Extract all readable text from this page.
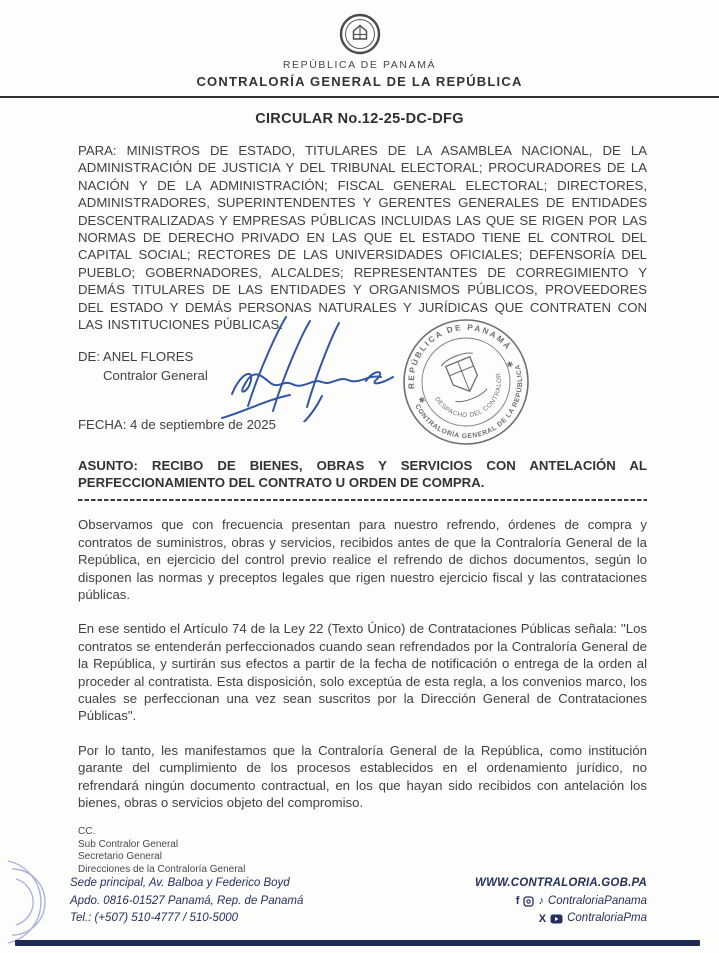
REPÚBLICA DE PANAMÁ
CONTRALORÍA GENERAL DE LA REPÚBLICA
CIRCULAR No.12-25-DC-DFG

PARA: MINISTROS DE ESTADO, TITULARES DE LA ASAMBLEA NACIONAL, DE LA ADMINISTRACIÓN DE JUSTICIA Y DEL TRIBUNAL ELECTORAL; PROCURADORES DE LA NACIÓN Y DE LA ADMINISTRACIÓN; FISCAL GENERAL ELECTORAL; DIRECTORES, ADMINISTRADORES, SUPERINTENDENTES Y GERENTES GENERALES DE ENTIDADES DESCENTRALIZADAS Y EMPRESAS PÚBLICAS INCLUIDAS LAS QUE SE RIGEN POR LAS NORMAS DE DERECHO PRIVADO EN LAS QUE EL ESTADO TIENE EL CONTROL DEL CAPITAL SOCIAL; RECTORES DE LAS UNIVERSIDADES OFICIALES; DEFENSORÍA DEL PUEBLO; GOBERNADORES, ALCALDES; REPRESENTANTES DE CORREGIMIENTO Y DEMÁS TITULARES DE LAS ENTIDADES Y ORGANISMOS PÚBLICOS, PROVEEDORES DEL ESTADO Y DEMÁS PERSONAS NATURALES Y JURÍDICAS QUE CONTRATEN CON LAS INSTITUCIONES PÚBLICAS.

DE: ANEL FLORES
Contralor General
REPÚBLICA DE PANAMÁ
CONTRALORÍA GENERAL DE LA REPÚBLICA
DESPACHO DEL CONTRALOR
✱
✱
FECHA: 4 de septiembre de 2025

ASUNTO: RECIBO DE BIENES, OBRAS Y SERVICIOS CON ANTELACIÓN AL PERFECCIONAMIENTO DEL CONTRATO U ORDEN DE COMPRA.

Observamos que con frecuencia presentan para nuestro refrendo, órdenes de compra y contratos de suministros, obras y servicios, recibidos antes de que la Contraloría General de la República, en ejercicio del control previo realice el refrendo de dichos documentos, según lo disponen las normas y preceptos legales que rigen nuestro ejercicio fiscal y las contrataciones públicas.

En ese sentido el Artículo 74 de la Ley 22 (Texto Único) de Contrataciones Públicas señala: "Los contratos se entenderán perfeccionados cuando sean refrendados por la Contraloría General de la República, y surtirán sus efectos a partir de la fecha de notificación o entrega de la orden al proceder al contratista. Esta disposición, solo exceptúa de esta regla, a los convenios marco, los cuales se perfeccionan una vez sean suscritos por la Dirección General de Contrataciones Públicas".

Por lo tanto, les manifestamos que la Contraloría General de la República, como institución garante del cumplimiento de los procesos establecidos en el ordenamiento jurídico, no refrendará ningún documento contractual, en los que hayan sido recibidos con antelación los bienes, obras o servicios objeto del compromiso.

CC.
Sub Contralor General
Secretario General
Direcciones de la Contraloría General
Sede principal, Av. Balboa y Federico Boyd
Apdo. 0816-01527 Panamá, Rep. de Panamá
Tel.: (+507) 510-4777 / 510-5000
WWW.CONTRALORIA.GOB.PA
f ♪ ContraloriaPanama
X ContraloriaPma
